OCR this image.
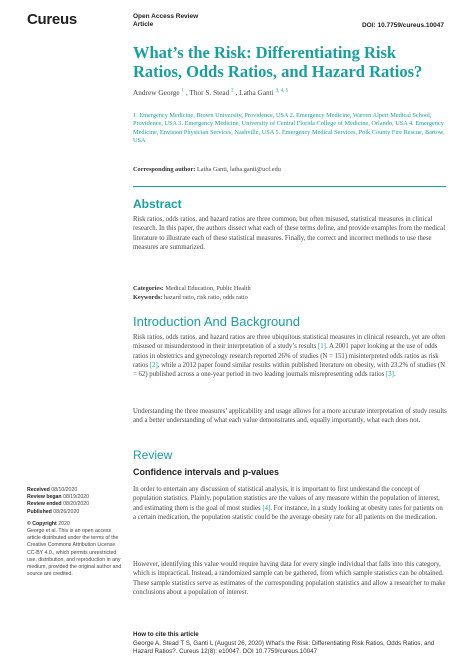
Cureus	Open Access Review
Article	DOI: 10.7759/cureus.10047
What’s the Risk: Differentiating Risk Ratios, Odds Ratios, and Hazard Ratios?
Andrew George $^1$ , Thor S. Stead $^2$ , Latha Ganti $^{3, 4, 5}$
1. Emergency Medicine, Brown University, Providence, USA 2. Emergency Medicine, Warren Alpert Medical School, Providence, USA 3. Emergency Medicine, University of Central Florida College of Medicine, Orlando, USA 4. Emergency Medicine, Envision Physician Services, Nashville, USA 5. Emergency Medical Services, Polk County Fire Rescue, Bartow, USA
Corresponding author: Latha Ganti, latha.ganti@ucf.edu
Abstract

Risk ratios, odds ratios, and hazard ratios are three common, but often misused, statistical measures in clinical research. In this paper, the authors dissect what each of these terms define, and provide examples from the medical literature to illustrate each of these statistical measures. Finally, the correct and incorrect methods to use these measures are summarized.

Categories: Medical Education, Public Health
Keywords: hazard ratio, risk ratio, odds ratio
Introduction And Background

Risk ratios, odds ratios, and hazard ratios are three ubiquitous statistical measures in clinical research, yet are often misused or misunderstood in their interpretation of a study’s results [1]. A 2001 paper looking at the use of odds ratios in obstetrics and gynecology research reported 26% of studies (N = 151) misinterpreted odds ratios as risk ratios [2], while a 2012 paper found similar results within published literature on obesity, with 23.2% of studies (N = 62) published across a one-year period in two leading journals misrepresenting odds ratios [3].

Understanding the three measures’ applicability and usage allows for a more accurate interpretation of study results and a better understanding of what each value demonstrates and, equally importantly, what each does not.

Review
Confidence intervals and p-values

In order to entertain any discussion of statistical analysis, it is important to first understand the concept of population statistics. Plainly, population statistics are the values of any measure within the population of interest, and estimating them is the goal of most studies [4]. For instance, in a study looking at obesity rates for patients on a certain medication, the population statistic could be the average obesity rate for all patients on the medication.

However, identifying this value would require having data for every single individual that falls into this category, which is impractical. Instead, a randomized sample can be gathered, from which sample statistics can be obtained. These sample statistics serve as estimates of the corresponding population statistics and allow a researcher to make conclusions about a population of interest.

Received 08/10/2020
Review began 08/19/2020
Review ended 08/20/2020
Published 08/26/2020
© Copyright 2020
George et al. This is an open access article distributed under the terms of the Creative Commons Attribution License CC-BY 4.0., which permits unrestricted use, distribution, and reproduction in any medium, provided the original author and source are credited.
How to cite this article

George A, Stead T S, Ganti L (August 26, 2020) What’s the Risk: Differentiating Risk Ratios, Odds Ratios, and Hazard Ratios?. Cureus 12(8): e10047. DOI 10.7759/cureus.10047
